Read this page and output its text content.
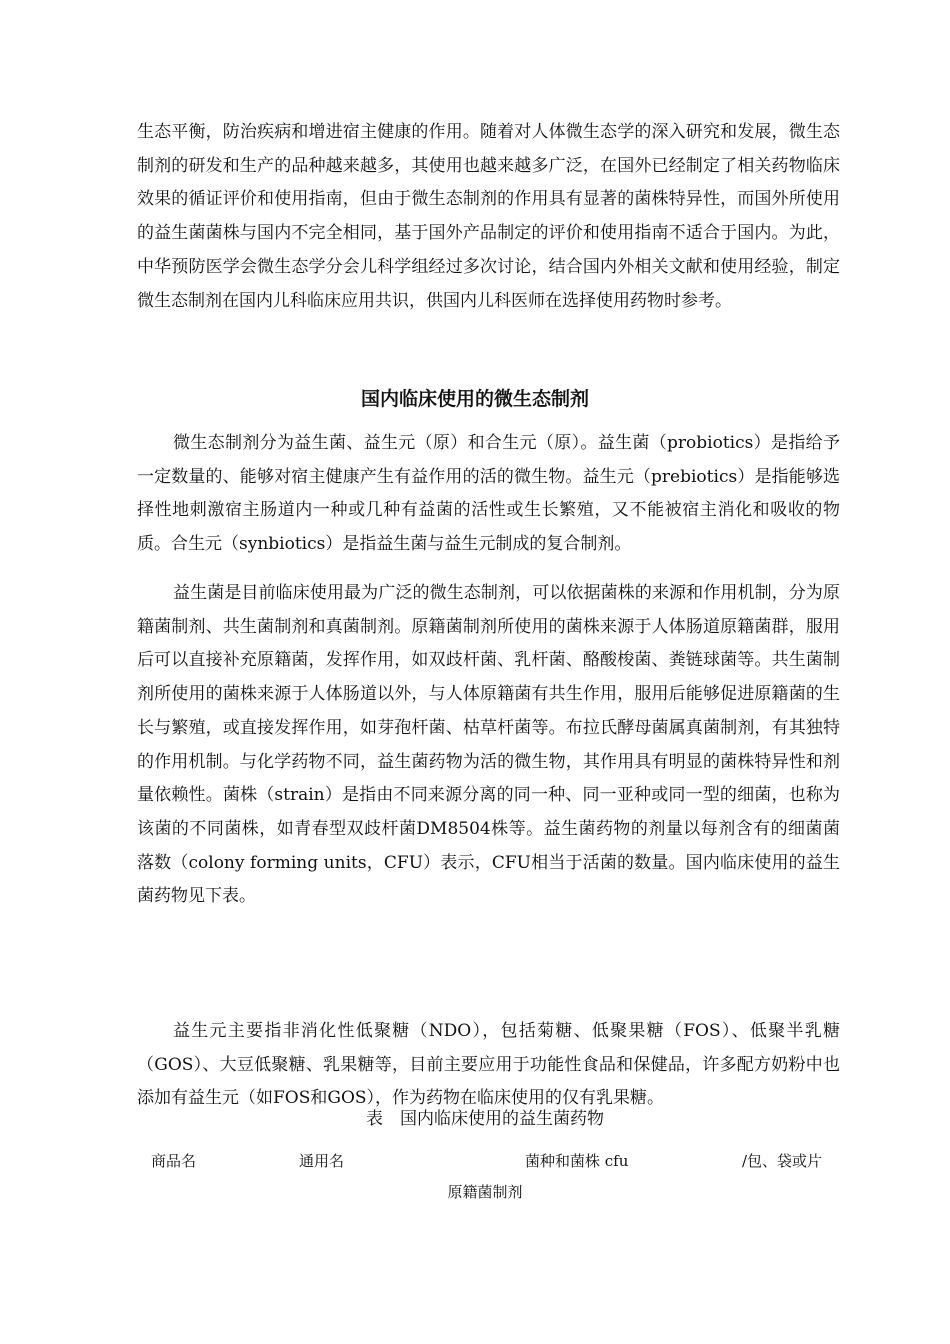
生态平衡，防治疾病和增进宿主健康的作用。随着对人体微生态学的深入研究和发展，微生态制剂的研发和生产的品种越来越多，其使用也越来越多广泛，在国外已经制定了相关药物临床效果的循证评价和使用指南，但由于微生态制剂的作用具有显著的菌株特异性，而国外所使用的益生菌菌株与国内不完全相同，基于国外产品制定的评价和使用指南不适合于国内。为此，中华预防医学会微生态学分会儿科学组经过多次讨论，结合国内外相关文献和使用经验，制定微生态制剂在国内儿科临床应用共识，供国内儿科医师在选择使用药物时参考。

国内临床使用的微生态制剂

微生态制剂分为益生菌、益生元（原）和合生元（原）。益生菌（probiotics）是指给予一定数量的、能够对宿主健康产生有益作用的活的微生物。益生元（prebiotics）是指能够选择性地刺激宿主肠道内一种或几种有益菌的活性或生长繁殖，又不能被宿主消化和吸收的物质。合生元（synbiotics）是指益生菌与益生元制成的复合制剂。

益生菌是目前临床使用最为广泛的微生态制剂，可以依据菌株的来源和作用机制，分为原籍菌制剂、共生菌制剂和真菌制剂。原籍菌制剂所使用的菌株来源于人体肠道原籍菌群，服用后可以直接补充原籍菌，发挥作用，如双歧杆菌、乳杆菌、酪酸梭菌、粪链球菌等。共生菌制剂所使用的菌株来源于人体肠道以外，与人体原籍菌有共生作用，服用后能够促进原籍菌的生长与繁殖，或直接发挥作用，如芽孢杆菌、枯草杆菌等。布拉氏酵母菌属真菌制剂，有其独特的作用机制。与化学药物不同，益生菌药物为活的微生物，其作用具有明显的菌株特异性和剂量依赖性。菌株（strain）是指由不同来源分离的同一种、同一亚种或同一型的细菌，也称为该菌的不同菌株，如青春型双歧杆菌DM8504株等。益生菌药物的剂量以每剂含有的细菌菌落数（colony forming units，CFU）表示，CFU相当于活菌的数量。国内临床使用的益生菌药物见下表。

益生元主要指非消化性低聚糖（NDO），包括菊糖、低聚果糖（FOS）、低聚半乳糖（GOS）、大豆低聚糖、乳果糖等，目前主要应用于功能性食品和保健品，许多配方奶粉中也添加有益生元（如FOS和GOS），作为药物在临床使用的仅有乳果糖。

表　国内临床使用的益生菌药物
商品名	通用名	菌种和菌株 cfu	/包、袋或片
原籍菌制剂
